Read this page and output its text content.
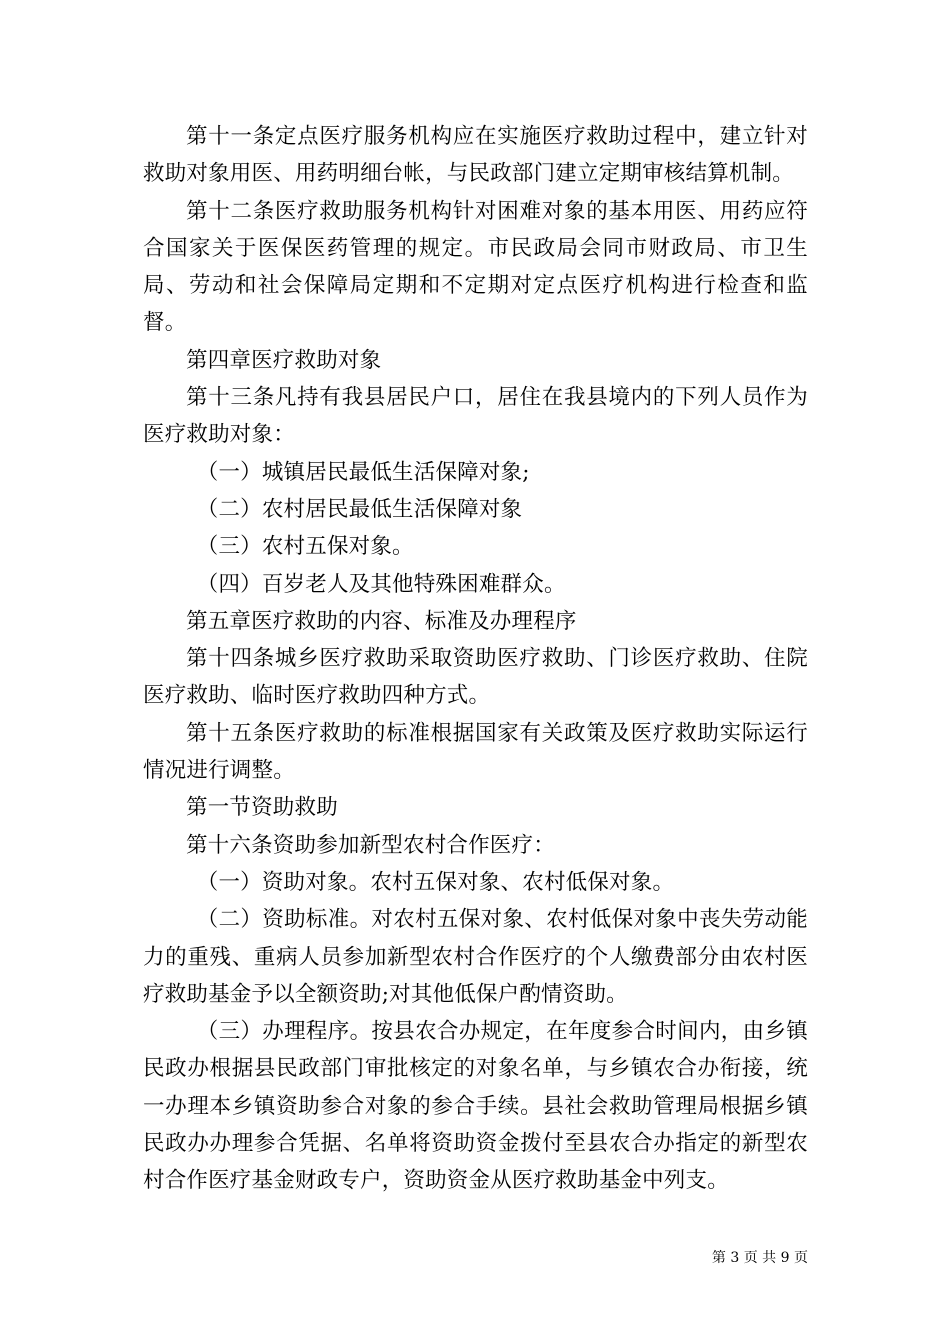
第十一条定点医疗服务机构应在实施医疗救助过程中，建立针对救助对象用医、用药明细台帐，与民政部门建立定期审核结算机制。

第十二条医疗救助服务机构针对困难对象的基本用医、用药应符合国家关于医保医药管理的规定。市民政局会同市财政局、市卫生局、劳动和社会保障局定期和不定期对定点医疗机构进行检查和监督。

第四章医疗救助对象

第十三条凡持有我县居民户口，居住在我县境内的下列人员作为医疗救助对象：

（一）城镇居民最低生活保障对象;

（二）农村居民最低生活保障对象

（三）农村五保对象。

（四）百岁老人及其他特殊困难群众。

第五章医疗救助的内容、标准及办理程序

第十四条城乡医疗救助采取资助医疗救助、门诊医疗救助、住院医疗救助、临时医疗救助四种方式。

第十五条医疗救助的标准根据国家有关政策及医疗救助实际运行情况进行调整。

第一节资助救助

第十六条资助参加新型农村合作医疗：

（一）资助对象。农村五保对象、农村低保对象。

（二）资助标准。对农村五保对象、农村低保对象中丧失劳动能力的重残、重病人员参加新型农村合作医疗的个人缴费部分由农村医疗救助基金予以全额资助;对其他低保户酌情资助。

（三）办理程序。按县农合办规定，在年度参合时间内，由乡镇民政办根据县民政部门审批核定的对象名单，与乡镇农合办衔接，统一办理本乡镇资助参合对象的参合手续。县社会救助管理局根据乡镇民政办办理参合凭据、名单将资助资金拨付至县农合办指定的新型农村合作医疗基金财政专户，资助资金从医疗救助基金中列支。

第 3 页 共 9 页
